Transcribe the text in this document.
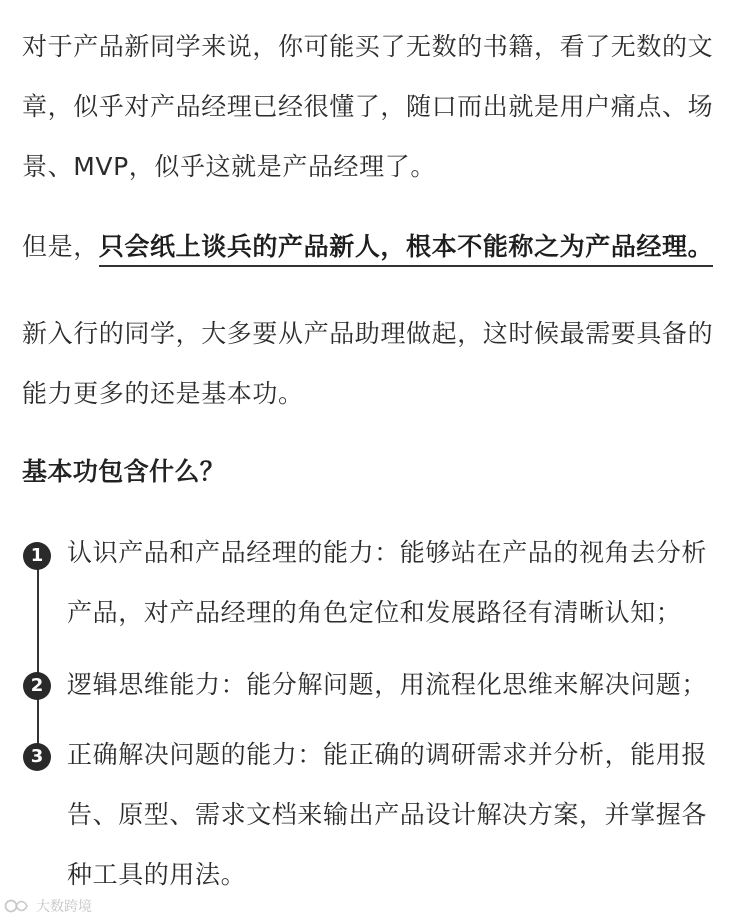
对于产品新同学来说，你可能买了无数的书籍，看了无数的文章，似乎对产品经理已经很懂了，随口而出就是用户痛点、场景、MVP，似乎这就是产品经理了。

但是，只会纸上谈兵的产品新人，根本不能称之为产品经理。

新入行的同学，大多要从产品助理做起，这时候最需要具备的能力更多的还是基本功。

基本功包含什么？
1 认识产品和产品经理的能力：能够站在产品的视角去分析产品，对产品经理的角色定位和发展路径有清晰认知；

2 逻辑思维能力：能分解问题，用流程化思维来解决问题；

3 正确解决问题的能力：能正确的调研需求并分析，能用报告、原型、需求文档来输出产品设计解决方案，并掌握各种工具的用法。

大数跨境
